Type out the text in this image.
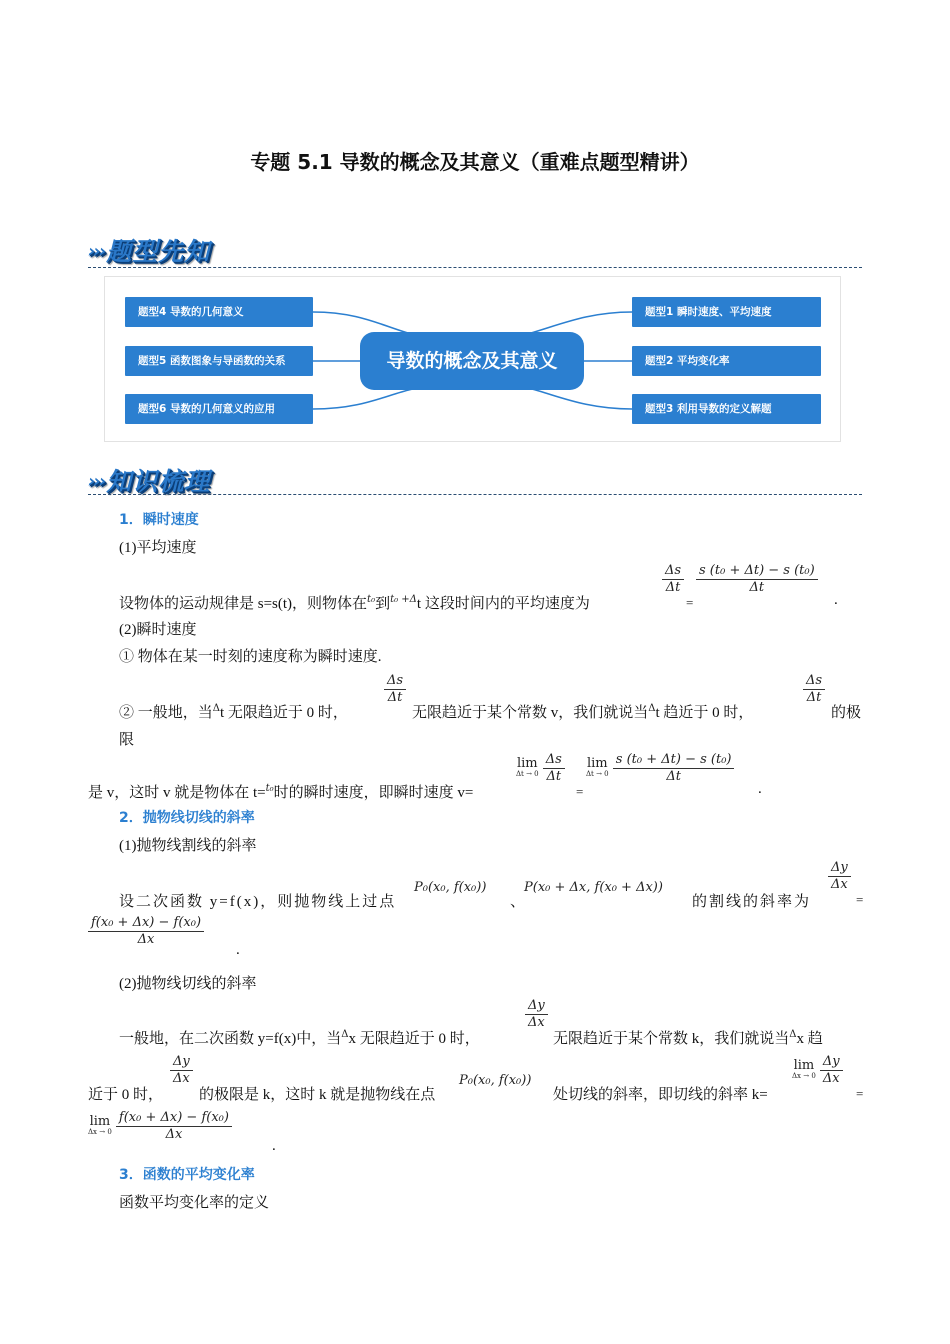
专题 5.1 导数的概念及其意义（重难点题型精讲）
›››题型先知
题型4 导数的几何意义
题型5 函数图象与导函数的关系
题型6 导数的几何意义的应用
导数的概念及其意义
题型1 瞬时速度、平均速度
题型2 平均变化率
题型3 利用导数的定义解题
›››知识梳理
1．瞬时速度
(1)平均速度
设物体的运动规律是 s=s(t)，则物体在$^{t_0}$到$^{t_0 +\Delta}$t 这段时间内的平均速度为
$\frac{\Delta s}{\Delta t}$
=
$\frac{\text{s (t₀ + Δt) − s (t₀)}}{\Delta t}$
.
(2)瞬时速度
① 物体在某一时刻的速度称为瞬时速度.
② 一般地，当$^\Delta$t 无限趋近于 0 时，
$\frac{\Delta s}{\Delta t}$
无限趋近于某个常数 v，我们就说当$^\Delta$t 趋近于 0 时，
$\frac{\Delta s}{\Delta t}$
的极
限
是 v，这时 v 就是物体在 t=$^{t_0}$时的瞬时速度，即瞬时速度 v=
lim
Δt → 0
$\frac{\Delta s}{\Delta t}$
=
lim
Δt → 0
$\frac{\text{s (t₀ + Δt) − s (t₀)}}{\Delta t}$
.
2．抛物线切线的斜率
(1)抛物线割线的斜率
设二次函数 y=f(x)，则抛物线上过点
P₀(x₀, f(x₀))
、
P(x₀ + Δx, f(x₀ + Δx))
的割线的斜率为
$\frac{\Delta y}{\Delta x}$
=
$\frac{\text{f(x₀ + Δx) − f(x₀)}}{\Delta x}$
.
(2)抛物线切线的斜率
一般地，在二次函数 y=f(x)中，当$^\Delta$x 无限趋近于 0 时，
$\frac{\Delta y}{\Delta x}$
无限趋近于某个常数 k，我们就说当$^\Delta$x 趋
近于 0 时，
$\frac{\Delta y}{\Delta x}$
的极限是 k，这时 k 就是抛物线在点
P₀(x₀, f(x₀))
处切线的斜率，即切线的斜率 k=
lim
Δx → 0
$\frac{\Delta y}{\Delta x}$
=
lim
Δx → 0
$\frac{\text{f(x₀ + Δx) − f(x₀)}}{\Delta x}$
.
3．函数的平均变化率
函数平均变化率的定义
